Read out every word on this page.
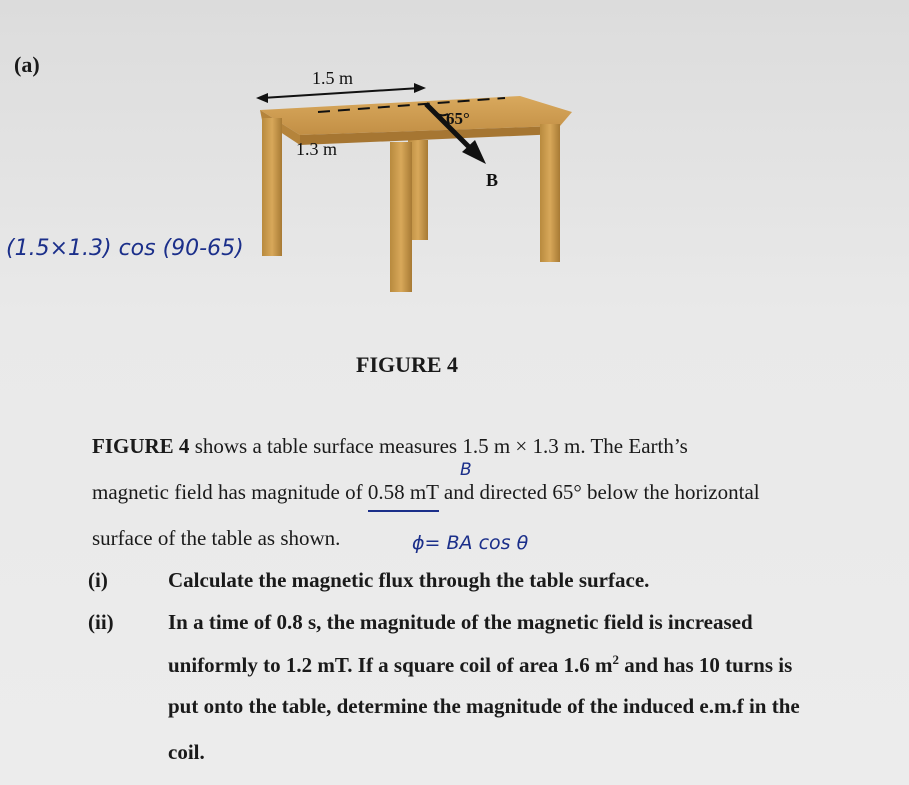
(a)
1.5 m
1.3 m
65°
B
(1.5×1.3) cos (90-65)
FIGURE 4
FIGURE 4 shows a table surface measures 1.5 m × 1.3 m. The Earth’s
B
magnetic field has magnitude of 0.58 mT and directed 65° below the horizontal
surface of the table as shown.	ϕ= BA cos θ
(i)	Calculate the magnetic flux through the table surface.
(ii)	In a time of 0.8 s, the magnitude of the magnetic field is increased
uniformly to 1.2 mT. If a square coil of area 1.6 $m^2$ and has 10 turns is
put onto the table, determine the magnitude of the induced e.m.f in the
coil.
